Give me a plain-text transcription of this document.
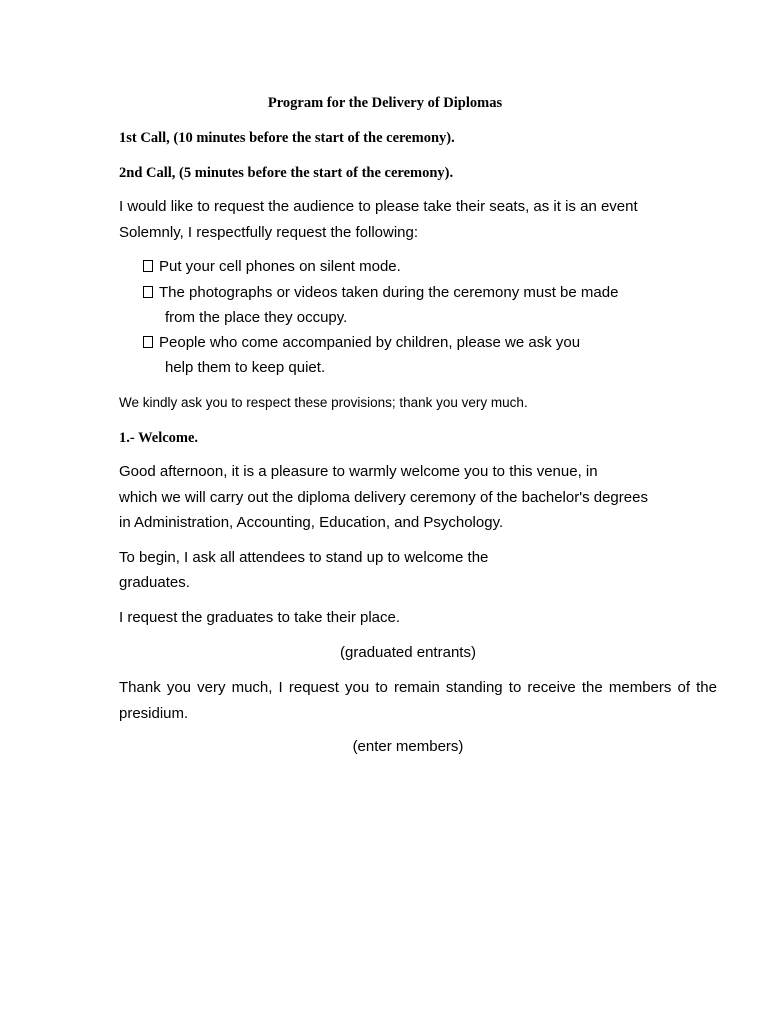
Program for the Delivery of Diplomas
1st Call, (10 minutes before the start of the ceremony).
2nd Call, (5 minutes before the start of the ceremony).
I would like to request the audience to please take their seats, as it is an event
Solemnly, I respectfully request the following:
Put your cell phones on silent mode.
The photographs or videos taken during the ceremony must be made
from the place they occupy.
People who come accompanied by children, please we ask you
help them to keep quiet.
We kindly ask you to respect these provisions; thank you very much.
1.- Welcome.
Good afternoon, it is a pleasure to warmly welcome you to this venue, in
which we will carry out the diploma delivery ceremony of the bachelor's degrees
in Administration, Accounting, Education, and Psychology.
To begin, I ask all attendees to stand up to welcome the
graduates.
I request the graduates to take their place.
(graduated entrants)
Thank you very much, I request you to remain standing to receive the members of the
presidium.
(enter members)
